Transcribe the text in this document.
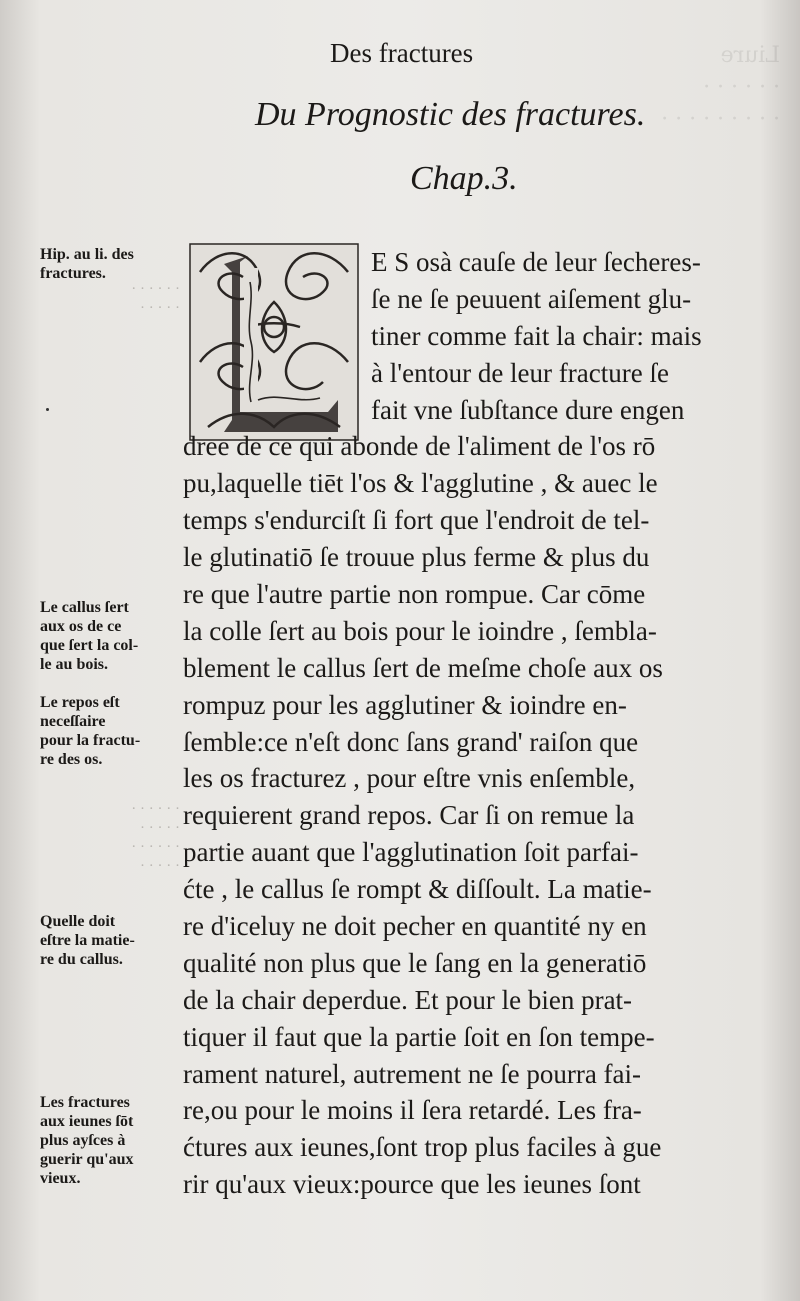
Liure
· · · · · ·
· · · · · · · · ·
Des fractures
Du Prognostic des fractures.
Chap.3.
E S osà cauſe de leur ſecheres-
ſe ne ſe peuuent aiſement glu-
tiner comme fait la chair: mais
à l'entour de leur fracture ſe
fait vne ſubſtance dure engen
dree de ce qui abonde de l'aliment de l'os rō
pu,laquelle tiēt l'os & l'agglutine , & auec le
temps s'endurciſt ſi fort que l'endroit de tel-
le glutinatiō ſe trouue plus ferme & plus du
re que l'autre partie non rompue. Car cōme
la colle ſert au bois pour le ioindre , ſembla-
blement le callus ſert de meſme choſe aux os
rompuz pour les agglutiner & ioindre en-
ſemble:ce n'eſt donc ſans grand' raiſon que
les os fracturez , pour eſtre vnis enſemble,
requierent grand repos. Car ſi on remue la
partie auant que l'agglutination ſoit parfai-
ćte , le callus ſe rompt & diſſoult. La matie-
re d'iceluy ne doit pecher en quantité ny en
qualité non plus que le ſang en la generatiō
de la chair deperdue. Et pour le bien prat-
tiquer il faut que la partie ſoit en ſon tempe-
rament naturel, autrement ne ſe pourra fai-
re,ou pour le moins il ſera retardé. Les fra-
ćtures aux ieunes,ſont trop plus faciles à gue
rir qu'aux vieux:pource que les ieunes ſont
Hip. au li. des
fractures.
· · · · · ·
· · · · ·
Le callus ſert
aux os de ce
que ſert la col-
le au bois.
Le repos eſt
neceſſaire
pour la fractu-
re des os.
· · · · · ·
· · · · ·
· · · · · ·
· · · · ·
Quelle doit
eſtre la matie-
re du callus.
Les fractures
aux ieunes ſōt
plus ayſces à
guerir qu'aux
vieux.
